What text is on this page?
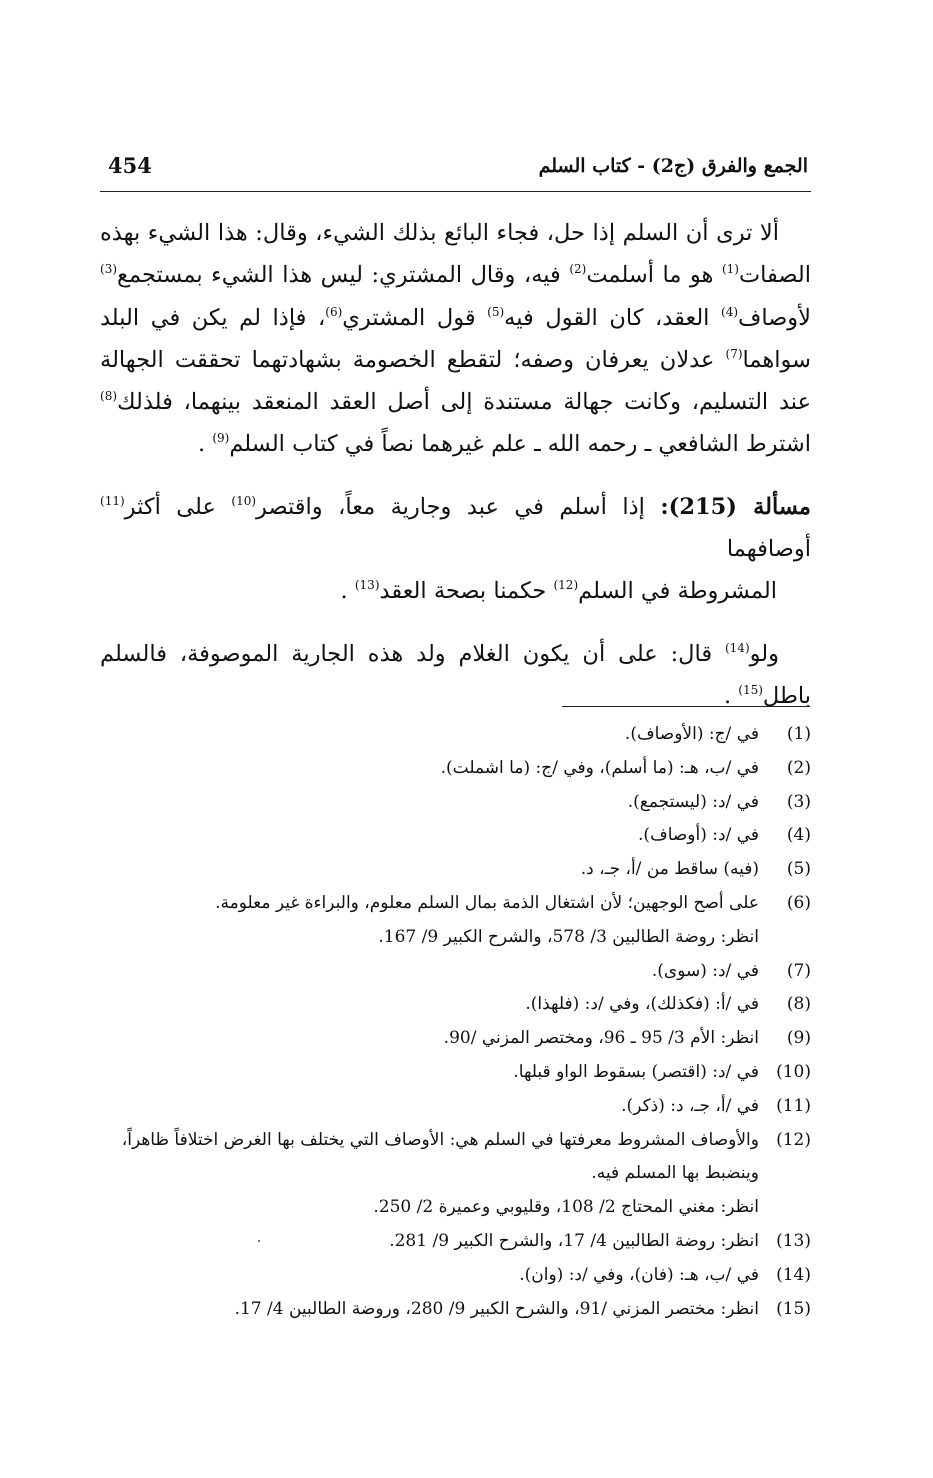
الجمع والفرق (ج2) - كتاب السلم
454

ألا ترى أن السلم إذا حل، فجاء البائع بذلك الشيء، وقال: هذا الشيء بهذه الصفات$^{(1)}$ هو ما أسلمت$^{(2)}$ فيه، وقال المشتري: ليس هذا الشيء بمستجمع$^{(3)}$ لأوصاف$^{(4)}$ العقد، كان القول فيه$^{(5)}$ قول المشتري$^{(6)}$، فإذا لم يكن في البلد سواهما$^{(7)}$ عدلان يعرفان وصفه؛ لتقطع الخصومة بشهادتهما تحققت الجهالة عند التسليم، وكانت جهالة مستندة إلى أصل العقد المنعقد بينهما، فلذلك$^{(8)}$ اشترط الشافعي ـ رحمه الله ـ علم غيرهما نصاً في كتاب السلم$^{(9)}$ .

مسألة (215): إذا أسلم في عبد وجارية معاً، واقتصر$^{(10)}$ على أكثر$^{(11)}$ أوصافهما
المشروطة في السلم$^{(12)}$ حكمنا بصحة العقد$^{(13)}$ .

ولو$^{(14)}$ قال: على أن يكون الغلام ولد هذه الجارية الموصوفة، فالسلم باطل$^{(15)}$ .

(1)
في /ج: (الأوصاف).
(2)
في /ب، هـ: (ما أسلم)، وفي /ج: (ما اشملت).
(3)
في /د: (ليستجمع).
(4)
في /د: (أوصاف).
(5)
(فيه) ساقط من /أ، جـ، د.
(6)
على أصح الوجهين؛ لأن اشتغال الذمة بمال السلم معلوم، والبراءة غير معلومة.
انظر: روضة الطالبين 3/ 578، والشرح الكبير 9/ 167.
(7)
في /د: (سوى).
(8)
في /أ: (فكذلك)، وفي /د: (فلهذا).
(9)
انظر: الأم 3/ 95 ـ 96، ومختصر المزني /90.
(10)
في /د: (اقتصر) بسقوط الواو قبلها.
(11)
في /أ، جـ، د: (ذكر).
(12)
والأوصاف المشروط معرفتها في السلم هي: الأوصاف التي يختلف بها الغرض اختلافاً ظاهراً، وينضبط بها المسلم فيه.
انظر: مغني المحتاج 2/ 108، وقليوبي وعميرة 2/ 250.
(13)
انظر: روضة الطالبين 4/ 17، والشرح الكبير 9/ 281.
(14)
في /ب، هـ: (فان)، وفي /د: (وان).
(15)
انظر: مختصر المزني /91، والشرح الكبير 9/ 280، وروضة الطالبين 4/ 17.
